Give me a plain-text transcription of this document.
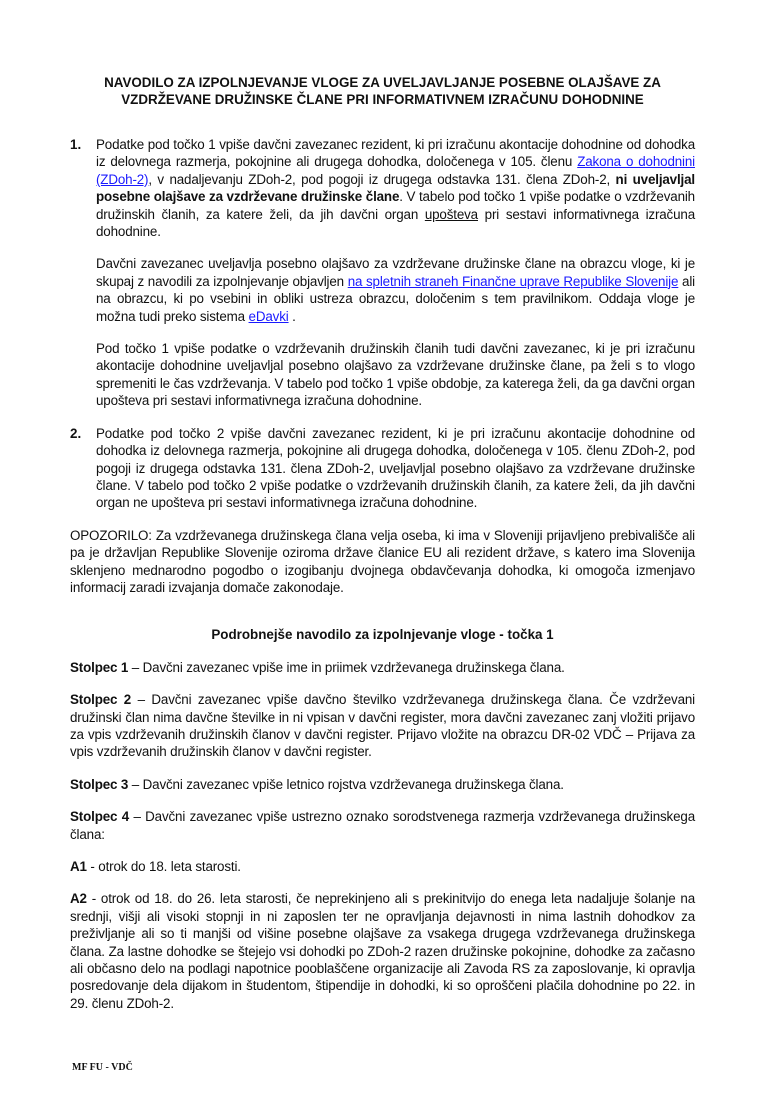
NAVODILO ZA IZPOLNJEVANJE VLOGE ZA UVELJAVLJANJE POSEBNE OLAJŠAVE ZA
VZDRŽEVANE DRUŽINSKE ČLANE PRI INFORMATIVNEM IZRAČUNU DOHODNINE
1.	Podatke pod točko 1 vpiše davčni zavezanec rezident, ki pri izračunu akontacije dohodnine od dohodka iz delovnega razmerja, pokojnine ali drugega dohodka, določenega v 105. členu Zakona o dohodnini (ZDoh-2), v nadaljevanju ZDoh-2, pod pogoji iz drugega odstavka 131. člena ZDoh-2, ni uveljavljal posebne olajšave za vzdrževane družinske člane. V tabelo pod točko 1 vpiše podatke o vzdrževanih družinskih članih, za katere želi, da jih davčni organ upošteva pri sestavi informativnega izračuna dohodnine.
Davčni zavezanec uveljavlja posebno olajšavo za vzdrževane družinske člane na obrazcu vloge, ki je skupaj z navodili za izpolnjevanje objavljen na spletnih straneh Finančne uprave Republike Slovenije ali na obrazcu, ki po vsebini in obliki ustreza obrazcu, določenim s tem pravilnikom. Oddaja vloge je možna tudi preko sistema eDavki .
Pod točko 1 vpiše podatke o vzdrževanih družinskih članih tudi davčni zavezanec, ki je pri izračunu akontacije dohodnine uveljavljal posebno olajšavo za vzdrževane družinske člane, pa želi s to vlogo spremeniti le čas vzdrževanja. V tabelo pod točko 1 vpiše obdobje, za katerega želi, da ga davčni organ upošteva pri sestavi informativnega izračuna dohodnine.
2.	Podatke pod točko 2 vpiše davčni zavezanec rezident, ki je pri izračunu akontacije dohodnine od dohodka iz delovnega razmerja, pokojnine ali drugega dohodka, določenega v 105. členu ZDoh-2, pod pogoji iz drugega odstavka 131. člena ZDoh-2, uveljavljal posebno olajšavo za vzdrževane družinske člane. V tabelo pod točko 2 vpiše podatke o vzdrževanih družinskih članih, za katere želi, da jih davčni organ ne upošteva pri sestavi informativnega izračuna dohodnine.
OPOZORILO: Za vzdrževanega družinskega člana velja oseba, ki ima v Sloveniji prijavljeno prebivališče ali pa je državljan Republike Slovenije oziroma države članice EU ali rezident države, s katero ima Slovenija sklenjeno mednarodno pogodbo o izogibanju dvojnega obdavčevanja dohodka, ki omogoča izmenjavo informacij zaradi izvajanja domače zakonodaje.
Podrobnejše navodilo za izpolnjevanje vloge - točka 1
Stolpec 1 – Davčni zavezanec vpiše ime in priimek vzdrževanega družinskega člana.
Stolpec 2 – Davčni zavezanec vpiše davčno številko vzdrževanega družinskega člana. Če vzdrževani družinski član nima davčne številke in ni vpisan v davčni register, mora davčni zavezanec zanj vložiti prijavo za vpis vzdrževanih družinskih članov v davčni register. Prijavo vložite na obrazcu DR-02 VDČ – Prijava za vpis vzdrževanih družinskih članov v davčni register.
Stolpec 3 – Davčni zavezanec vpiše letnico rojstva vzdrževanega družinskega člana.
Stolpec 4 – Davčni zavezanec vpiše ustrezno oznako sorodstvenega razmerja vzdrževanega družinskega člana:
A1 - otrok do 18. leta starosti.
A2 - otrok od 18. do 26. leta starosti, če neprekinjeno ali s prekinitvijo do enega leta nadaljuje šolanje na srednji, višji ali visoki stopnji in ni zaposlen ter ne opravljanja dejavnosti in nima lastnih dohodkov za preživljanje ali so ti manjši od višine posebne olajšave za vsakega drugega vzdrževanega družinskega člana. Za lastne dohodke se štejejo vsi dohodki po ZDoh-2 razen družinske pokojnine, dohodke za začasno ali občasno delo na podlagi napotnice pooblaščene organizacije ali Zavoda RS za zaposlovanje, ki opravlja posredovanje dela dijakom in študentom, štipendije in dohodki, ki so oproščeni plačila dohodnine po 22. in 29. členu ZDoh-2.
MF FU - VDČ
